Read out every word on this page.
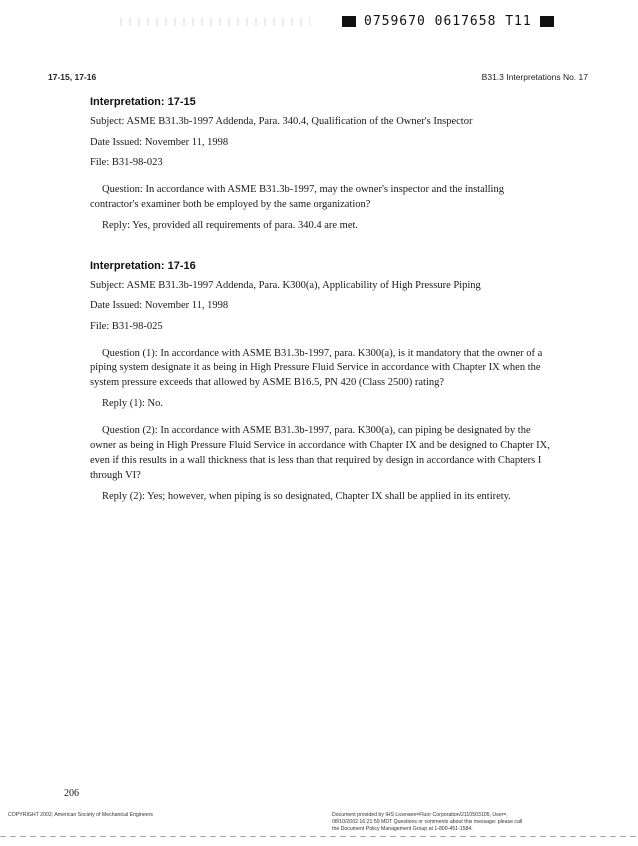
0759670 0617658 T11
17-15, 17-16	B31.3 Interpretations No. 17

Interpretation: 17-15

Subject: ASME B31.3b-1997 Addenda, Para. 340.4, Qualification of the Owner's Inspector

Date Issued: November 11, 1998

File: B31-98-023

Question: In accordance with ASME B31.3b-1997, may the owner's inspector and the installing contractor's examiner both be employed by the same organization?

Reply: Yes, provided all requirements of para. 340.4 are met.

Interpretation: 17-16

Subject: ASME B31.3b-1997 Addenda, Para. K300(a), Applicability of High Pressure Piping

Date Issued: November 11, 1998

File: B31-98-025

Question (1): In accordance with ASME B31.3b-1997, para. K300(a), is it mandatory that the owner of a piping system designate it as being in High Pressure Fluid Service in accordance with Chapter IX when the system pressure exceeds that allowed by ASME B16.5, PN 420 (Class 2500) rating?

Reply (1): No.

Question (2): In accordance with ASME B31.3b-1997, para. K300(a), can piping be designated by the owner as being in High Pressure Fluid Service in accordance with Chapter IX and be designed to Chapter IX, even if this results in a wall thickness that is less than that required by design in accordance with Chapters I through VI?

Reply (2): Yes; however, when piping is so designated, Chapter IX shall be applied in its entirety.

206
COPYRIGHT 2002; American Society of Mechanical Engineers	Document provided by IHS Licensee=Fluor Corporation/2110503105, User=,
08/10/2002 16:21:59 MDT Questions or comments about this message: please call
the Document Policy Management Group at 1-800-451-1584.
